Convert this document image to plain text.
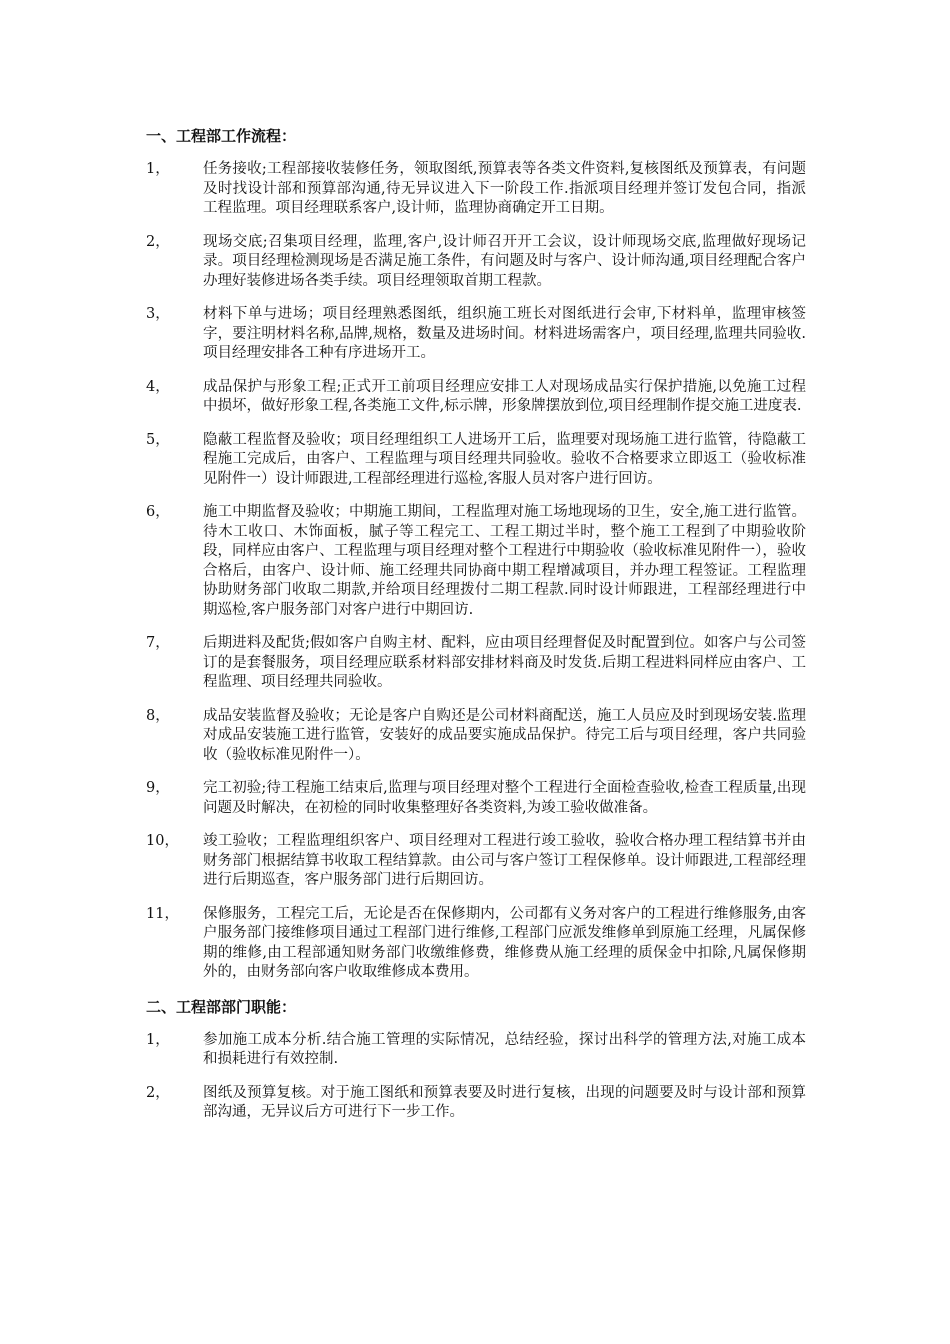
一、工程部工作流程：
1，	任务接收;工程部接收装修任务，领取图纸,预算表等各类文件资料,复核图纸及预算表，有问题及时找设计部和预算部沟通,待无异议进入下一阶段工作.指派项目经理并签订发包合同，指派工程监理。项目经理联系客户,设计师，监理协商确定开工日期。
2，	现场交底;召集项目经理，监理,客户,设计师召开开工会议，设计师现场交底,监理做好现场记录。项目经理检测现场是否满足施工条件，有问题及时与客户、设计师沟通,项目经理配合客户办理好装修进场各类手续。项目经理领取首期工程款。
3，	材料下单与进场；项目经理熟悉图纸，组织施工班长对图纸进行会审,下材料单，监理审核签字，要注明材料名称,品牌,规格，数量及进场时间。材料进场需客户，项目经理,监理共同验收.项目经理安排各工种有序进场开工。
4，	成品保护与形象工程;正式开工前项目经理应安排工人对现场成品实行保护措施,以免施工过程中损坏，做好形象工程,各类施工文件,标示牌，形象牌摆放到位,项目经理制作提交施工进度表.
5，	隐蔽工程监督及验收；项目经理组织工人进场开工后，监理要对现场施工进行监管，待隐蔽工程施工完成后，由客户、工程监理与项目经理共同验收。验收不合格要求立即返工（验收标准见附件一）设计师跟进,工程部经理进行巡检,客服人员对客户进行回访。
6，	施工中期监督及验收；中期施工期间，工程监理对施工场地现场的卫生，安全,施工进行监管。待木工收口、木饰面板，腻子等工程完工、工程工期过半时，整个施工工程到了中期验收阶段，同样应由客户、工程监理与项目经理对整个工程进行中期验收（验收标准见附件一），验收合格后，由客户、设计师、施工经理共同协商中期工程增减项目，并办理工程签证。工程监理协助财务部门收取二期款,并给项目经理拨付二期工程款.同时设计师跟进，工程部经理进行中期巡检,客户服务部门对客户进行中期回访.
7，	后期进料及配货;假如客户自购主材、配料，应由项目经理督促及时配置到位。如客户与公司签订的是套餐服务，项目经理应联系材料部安排材料商及时发货.后期工程进料同样应由客户、工程监理、项目经理共同验收。
8，	成品安装监督及验收；无论是客户自购还是公司材料商配送，施工人员应及时到现场安装.监理对成品安装施工进行监管，安装好的成品要实施成品保护。待完工后与项目经理，客户共同验收（验收标准见附件一）。
9，	完工初验;待工程施工结束后,监理与项目经理对整个工程进行全面检查验收,检查工程质量,出现问题及时解决，在初检的同时收集整理好各类资料,为竣工验收做准备。
10，	竣工验收；工程监理组织客户、项目经理对工程进行竣工验收，验收合格办理工程结算书并由财务部门根据结算书收取工程结算款。由公司与客户签订工程保修单。设计师跟进,工程部经理进行后期巡查，客户服务部门进行后期回访。
11，	保修服务，工程完工后，无论是否在保修期内，公司都有义务对客户的工程进行维修服务,由客户服务部门接维修项目通过工程部门进行维修,工程部门应派发维修单到原施工经理，凡属保修期的维修,由工程部通知财务部门收缴维修费，维修费从施工经理的质保金中扣除,凡属保修期外的，由财务部向客户收取维修成本费用。
二、工程部部门职能：
1，	参加施工成本分析.结合施工管理的实际情况，总结经验，探讨出科学的管理方法,对施工成本和损耗进行有效控制.
2，	图纸及预算复核。对于施工图纸和预算表要及时进行复核，出现的问题要及时与设计部和预算部沟通，无异议后方可进行下一步工作。
